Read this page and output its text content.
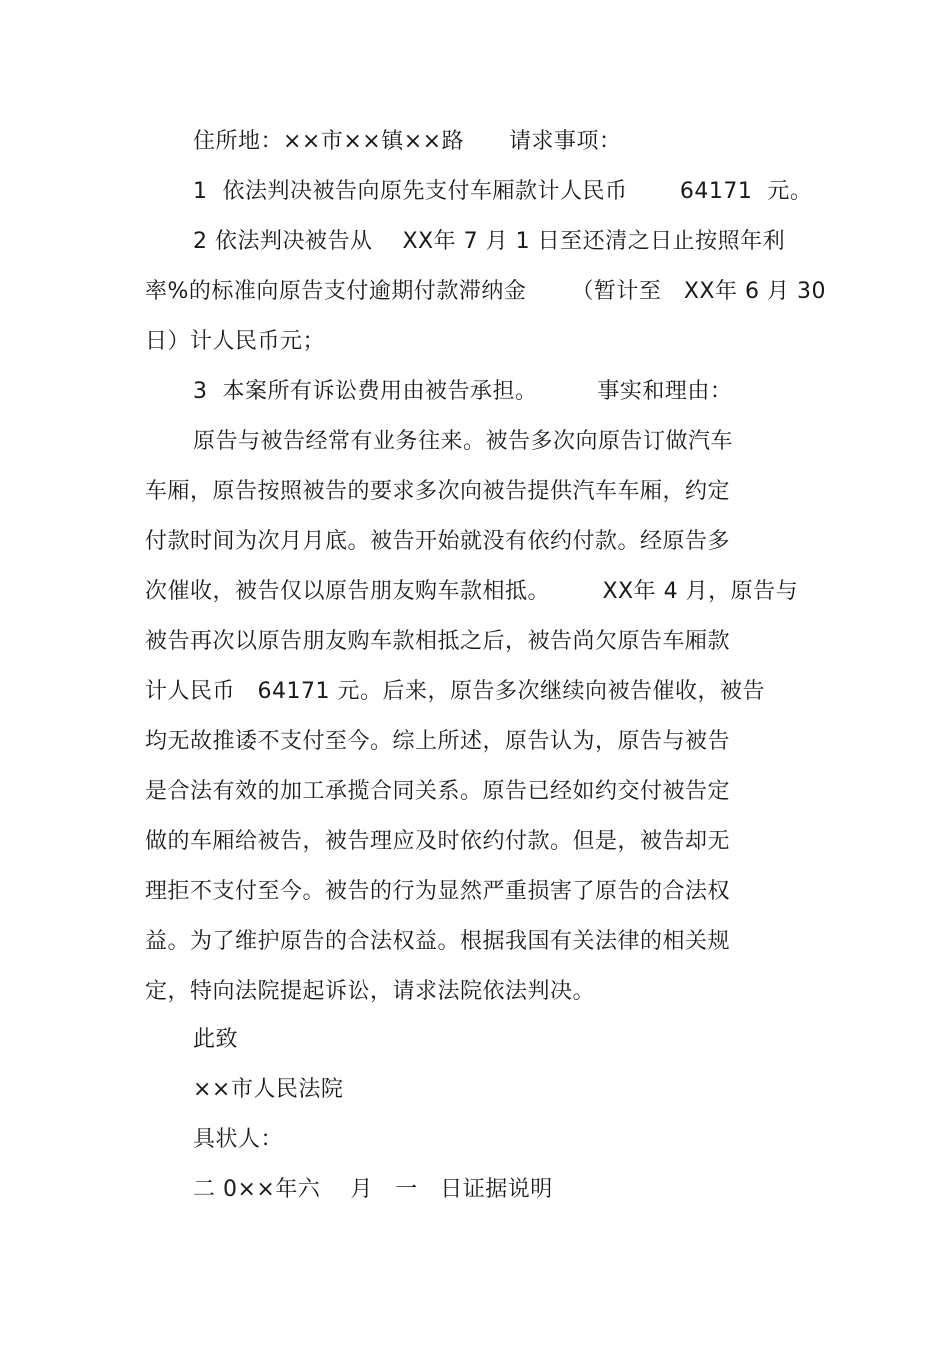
住所地：××市××镇××路      请求事项：
1  依法判决被告向原先支付车厢款计人民币       64171  元。
2 依法判决被告从    XX年 7 月 1 日至还清之日止按照年利
率%的标准向原告支付逾期付款滞纳金      （暂计至   XX年 6 月 30
日）计人民币元；
3  本案所有诉讼费用由被告承担。        事实和理由：
原告与被告经常有业务往来。被告多次向原告订做汽车
车厢，原告按照被告的要求多次向被告提供汽车车厢，约定
付款时间为次月月底。被告开始就没有依约付款。经原告多
次催收，被告仅以原告朋友购车款相抵。       XX年 4 月，原告与
被告再次以原告朋友购车款相抵之后，被告尚欠原告车厢款
计人民币   64171 元。后来，原告多次继续向被告催收，被告
均无故推诿不支付至今。综上所述，原告认为，原告与被告
是合法有效的加工承揽合同关系。原告已经如约交付被告定
做的车厢给被告，被告理应及时依约付款。但是，被告却无
理拒不支付至今。被告的行为显然严重损害了原告的合法权
益。为了维护原告的合法权益。根据我国有关法律的相关规
定，特向法院提起诉讼，请求法院依法判决。
此致
××市人民法院
具状人：
二 0××年六    月   一   日证据说明
